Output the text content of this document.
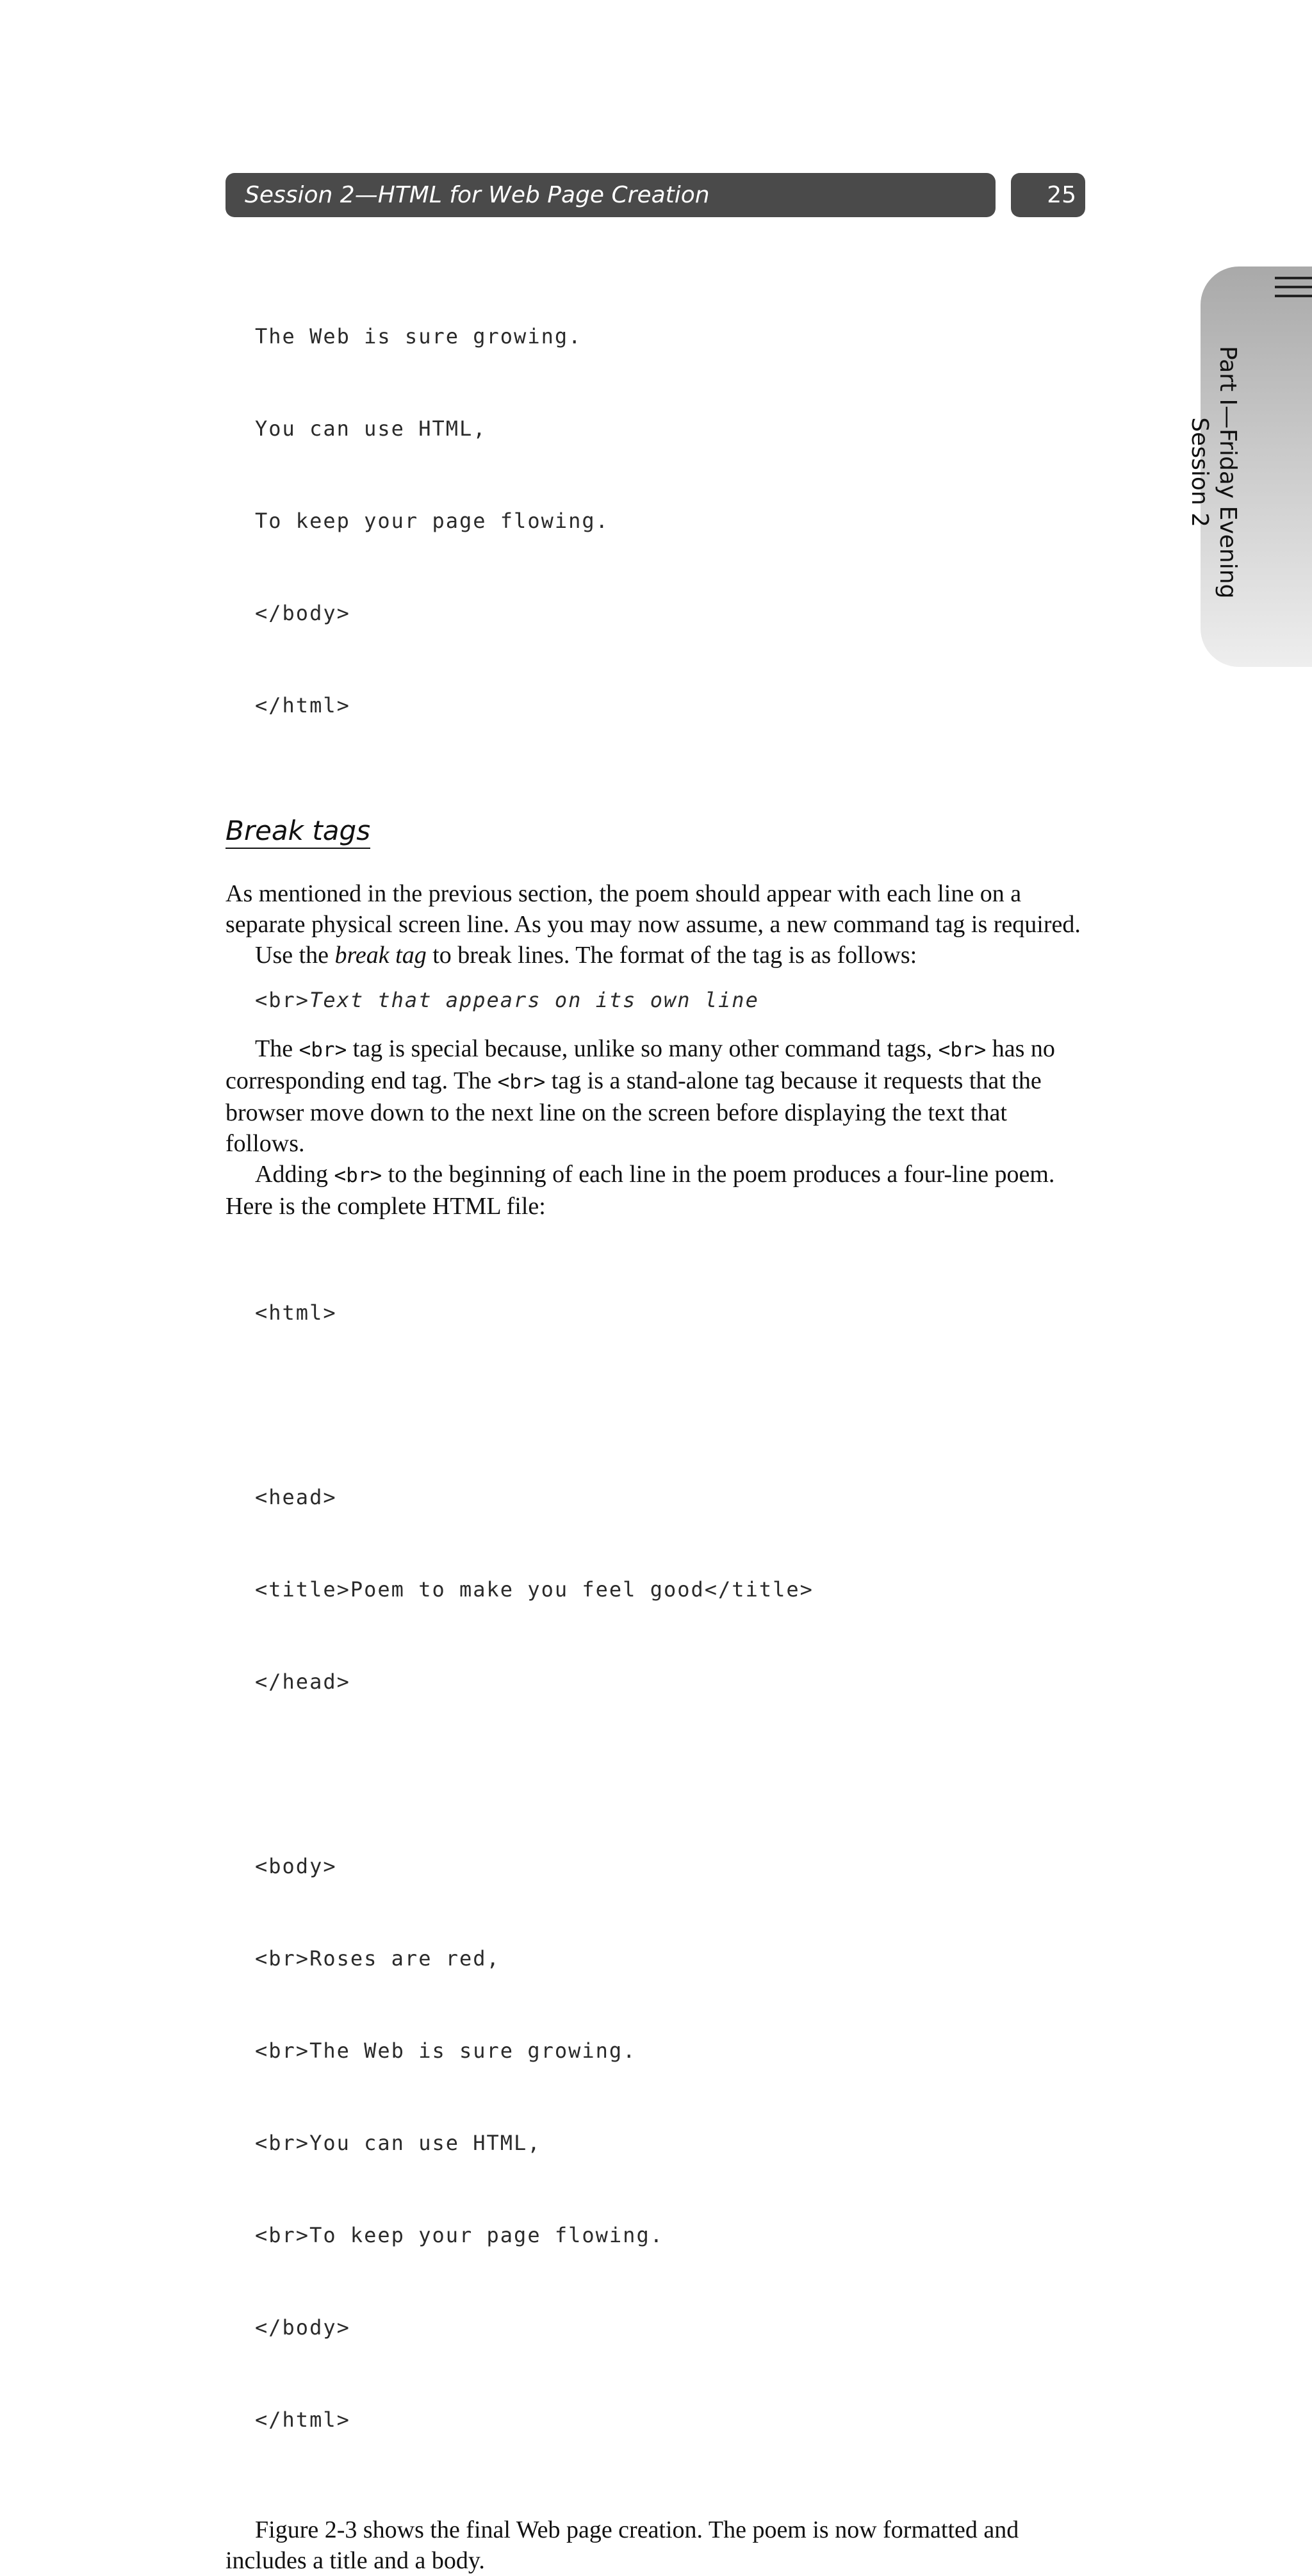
Session 2—HTML for Web Page Creation	25
Part I—Friday Evening
Session 2

The Web is sure growing.

You can use HTML,

To keep your page flowing.

</body>

</html>

Break tags

As mentioned in the previous section, the poem should appear with each line on a separate physical screen line. As you may now assume, a new command tag is required.

Use the break tag to break lines. The format of the tag is as follows:

<br>Text that appears on its own line

The <br> tag is special because, unlike so many other command tags, <br> has no corresponding end tag. The <br> tag is a stand-alone tag because it requests that the browser move down to the next line on the screen before displaying the text that follows.

Adding <br> to the beginning of each line in the poem produces a four-line poem. Here is the complete HTML file:

<html>

<head>

<title>Poem to make you feel good</title>

</head>

<body>

<br>Roses are red,

<br>The Web is sure growing.

<br>You can use HTML,

<br>To keep your page flowing.

</body>

</html>

Figure 2-3 shows the final Web page creation. The poem is now formatted and includes a title and a body.
